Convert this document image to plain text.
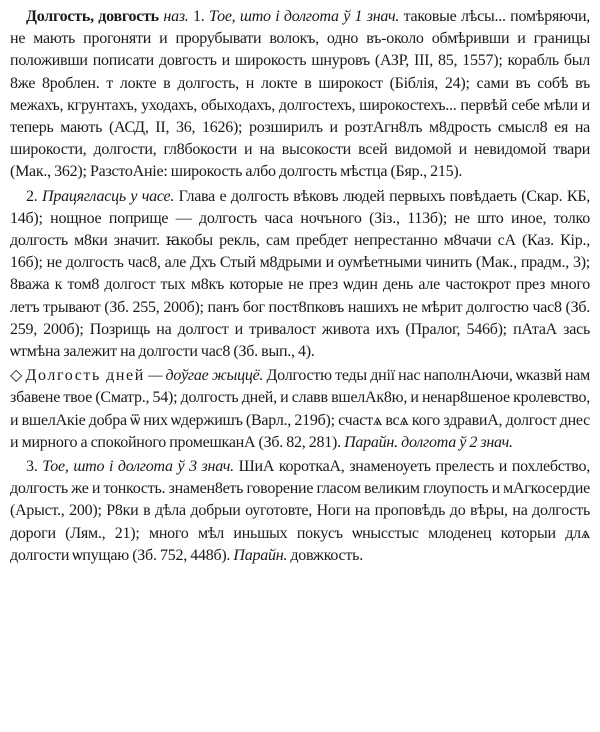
Долгость, довгость наз. 1. Тое, што і долгота ў 1 знач. таковые лѣсы... помѣряючи, не мають прогоняти и прорубывати волокъ, одно въ-около обмѣривши и границы положивши пописати довгость и широкость шнуровъ (АЗР, III, 85, 1557); корабль был 8же 8роблен. т локте в долгость, н локте в широкост (Біблія, 24); сами въ собѣ въ межахъ, кгрунтахъ, уходахъ, обыходахъ, долгостехъ, широкостехъ... первѣй себе мѣли и теперь мають (АСД, II, 36, 1626); розширилъ и розтАгн8лъ м8дрость смысл8 ея на широкости, долгости, гл8бокости и на высокости всей видомой и невидомой твари (Мак., 362); РазстоАніе: широкость албо долгость мѣстца (Бяр., 215).

2. Працягласць у часе. Глава е долгость вѣковъ людей первыхъ повѣдаеть (Скар. КБ, 14б); нощное поприще — долгость часа ночъного (Зіз., 113б); не што иное, толко долгость м8ки значит. ꙗкобы рекль, сам пребдет непрестанно м8чачи сА (Каз. Кір., 16б); не долгость час8, але Дхъ Стый м8дрыми и оумѣетными чинить (Мак., прадм., 3); 8важа к том8 долгост тых м8къ которые не през ѡдин день але частокрот през много летъ трывают (Зб. 255, 200б); панъ бог пост8пковъ нашихъ не мѣрит долгостю час8 (Зб. 259, 200б); Позрищь на долгост и тривалост живота ихъ (Пралог, 546б); пАтаА зась ѡтмѣна залежит на долгости час8 (Зб. вып., 4).

◇ Долгость дней — доўгае жыццё. Долгостю теды днії нас наполнАючи, ѡказвй нам збавене твое (Сматр., 54); долгость дней, и славв вшелАк8ю, и ненар8шеное кролевство, и вшелАкіе добра ѿ них ѡдержишъ (Варл., 219б); счастѧ всѧ кого здравиА, долгост днес и мирного а спокойного промешканА (Зб. 82, 281). Парайн. долгота ў 2 знач.

3. Тое, што і долгота ў 3 знач. ШиА короткаА, знаменоуеть прелесть и похлебство, долгость же и тонкость. знамен8еть говорение гласом великим глоупость и мАгкосердие (Арыст., 200); Р8ки в дѣла добрыи оуготовте, Ноги на проповѣдь до вѣры, на долгость дороги (Лям., 21); много мѣл иньшых покусъ ѡнысстыс млоденец которыи длѧ долгости ѡпущаю (Зб. 752, 448б). Парайн. довжкость.
